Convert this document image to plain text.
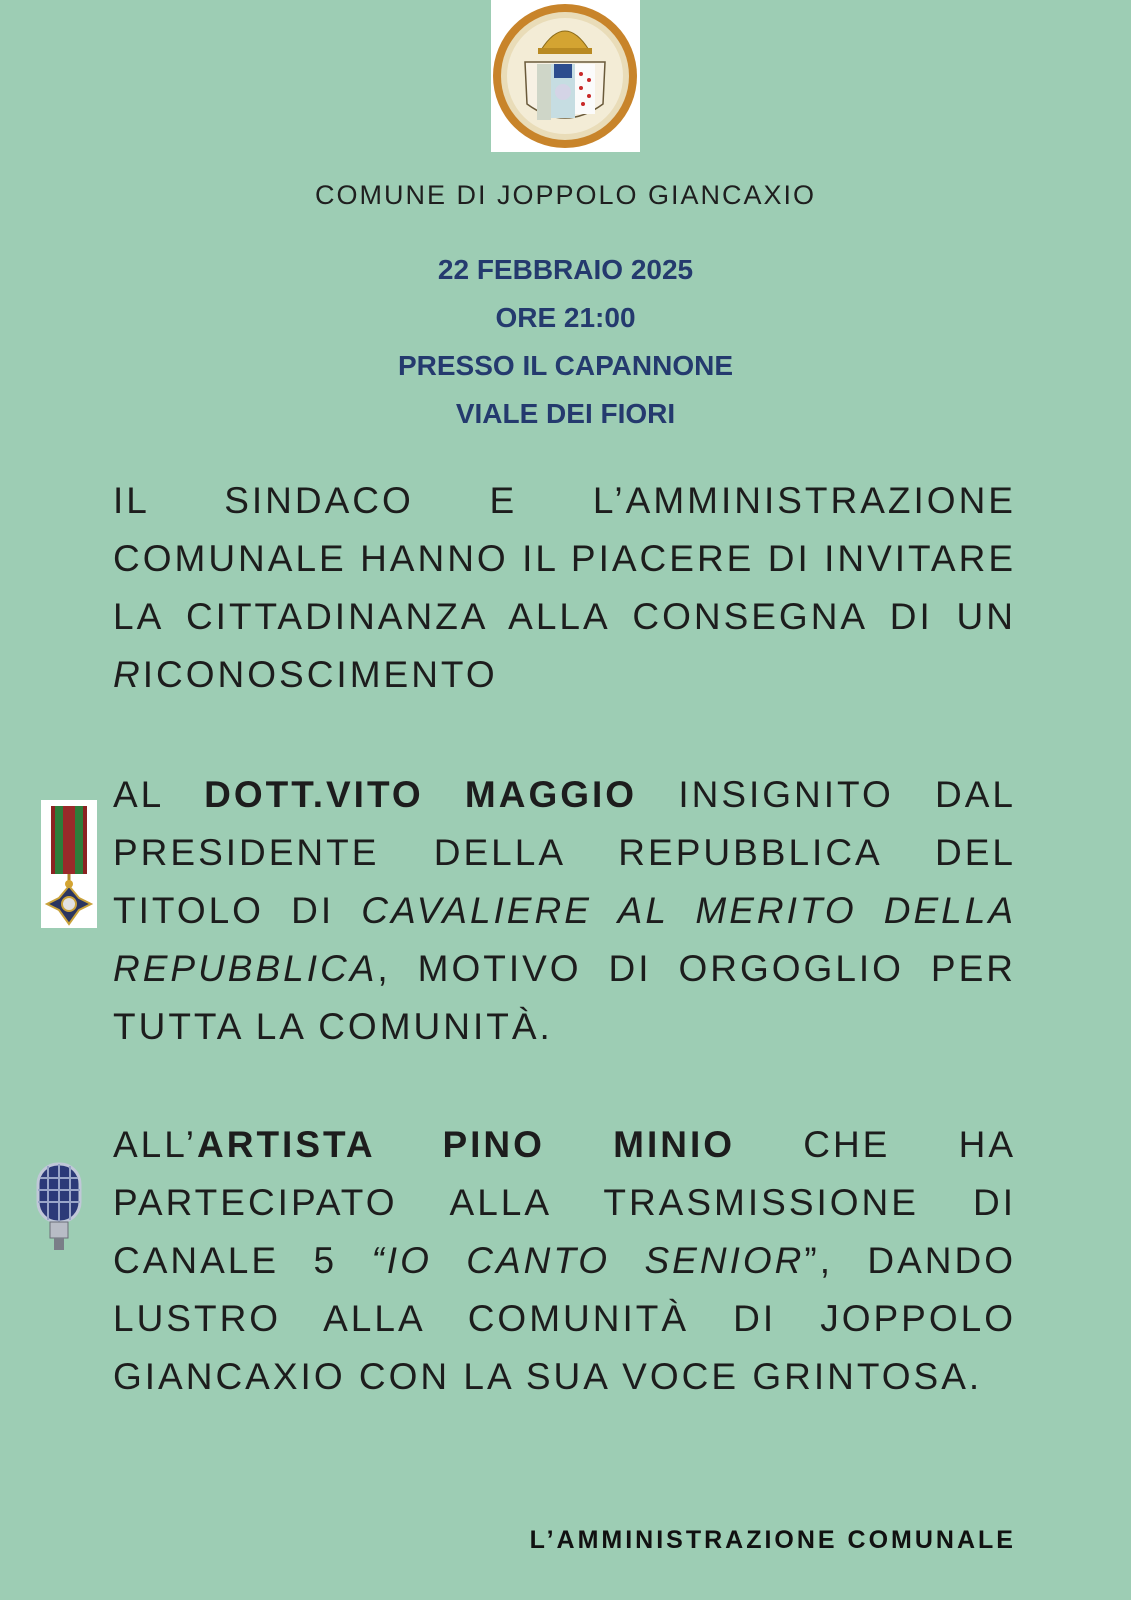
COMUNE DI JOPPOLO GIANCAXIO
22 FEBBRAIO 2025
ORE 21:00
PRESSO IL CAPANNONE
VIALE DEI FIORI
IL SINDACO E L’AMMINISTRAZIONE COMUNALE HANNO IL PIACERE DI INVITARE LA CITTADINANZA ALLA CONSEGNA DI UN RICONOSCIMENTO
AL DOTT.VITO MAGGIO INSIGNITO DAL PRESIDENTE DELLA REPUBBLICA DEL TITOLO DI CAVALIERE AL MERITO DELLA REPUBBLICA, MOTIVO DI ORGOGLIO PER TUTTA LA COMUNITÀ.
ALL’ARTISTA PINO MINIO CHE HA PARTECIPATO ALLA TRASMISSIONE DI CANALE 5 “IO CANTO SENIOR”, DANDO LUSTRO ALLA COMUNITÀ DI JOPPOLO GIANCAXIO CON LA SUA VOCE GRINTOSA.
L’AMMINISTRAZIONE COMUNALE
